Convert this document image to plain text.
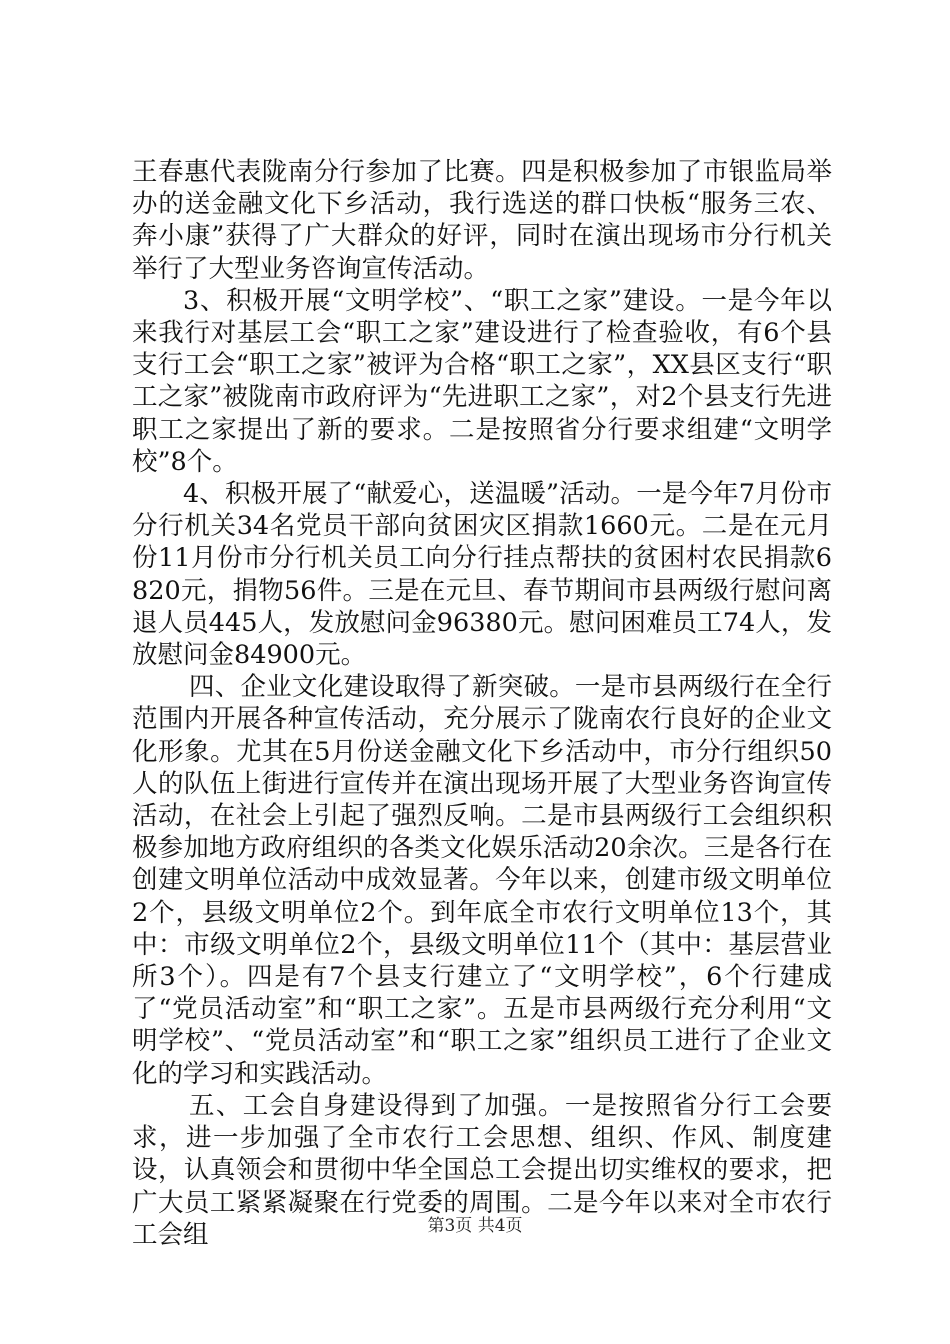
王春惠代表陇南分行参加了比赛。四是积极参加了市银监局举办的送金融文化下乡活动，我行选送的群口快板“服务三农、奔小康”获得了广大群众的好评，同时在演出现场市分行机关举行了大型业务咨询宣传活动。

3、积极开展“文明学校”、“职工之家”建设。一是今年以来我行对基层工会“职工之家”建设进行了检查验收，有6个县支行工会“职工之家”被评为合格“职工之家”，XX县区支行“职工之家”被陇南市政府评为“先进职工之家”，对2个县支行先进职工之家提出了新的要求。二是按照省分行要求组建“文明学校”8个。

4、积极开展了“献爱心，送温暖”活动。一是今年7月份市分行机关34名党员干部向贫困灾区捐款1660元。二是在元月份11月份市分行机关员工向分行挂点帮扶的贫困村农民捐款6820元，捐物56件。三是在元旦、春节期间市县两级行慰问离退人员445人，发放慰问金96380元。慰问困难员工74人，发放慰问金84900元。

四、企业文化建设取得了新突破。一是市县两级行在全行范围内开展各种宣传活动，充分展示了陇南农行良好的企业文化形象。尤其在5月份送金融文化下乡活动中，市分行组织50人的队伍上街进行宣传并在演出现场开展了大型业务咨询宣传活动，在社会上引起了强烈反响。二是市县两级行工会组织积极参加地方政府组织的各类文化娱乐活动20余次。三是各行在创建文明单位活动中成效显著。今年以来，创建市级文明单位2个，县级文明单位2个。到年底全市农行文明单位13个，其中：市级文明单位2个，县级文明单位11个（其中：基层营业所3个）。四是有7个县支行建立了“文明学校”，6个行建成了“党员活动室”和“职工之家”。五是市县两级行充分利用“文明学校”、“党员活动室”和“职工之家”组织员工进行了企业文化的学习和实践活动。

五、工会自身建设得到了加强。一是按照省分行工会要求，进一步加强了全市农行工会思想、组织、作风、制度建设，认真领会和贯彻中华全国总工会提出切实维权的要求，把广大员工紧紧凝聚在行党委的周围。二是今年以来对全市农行工会组	第3页 共4页
